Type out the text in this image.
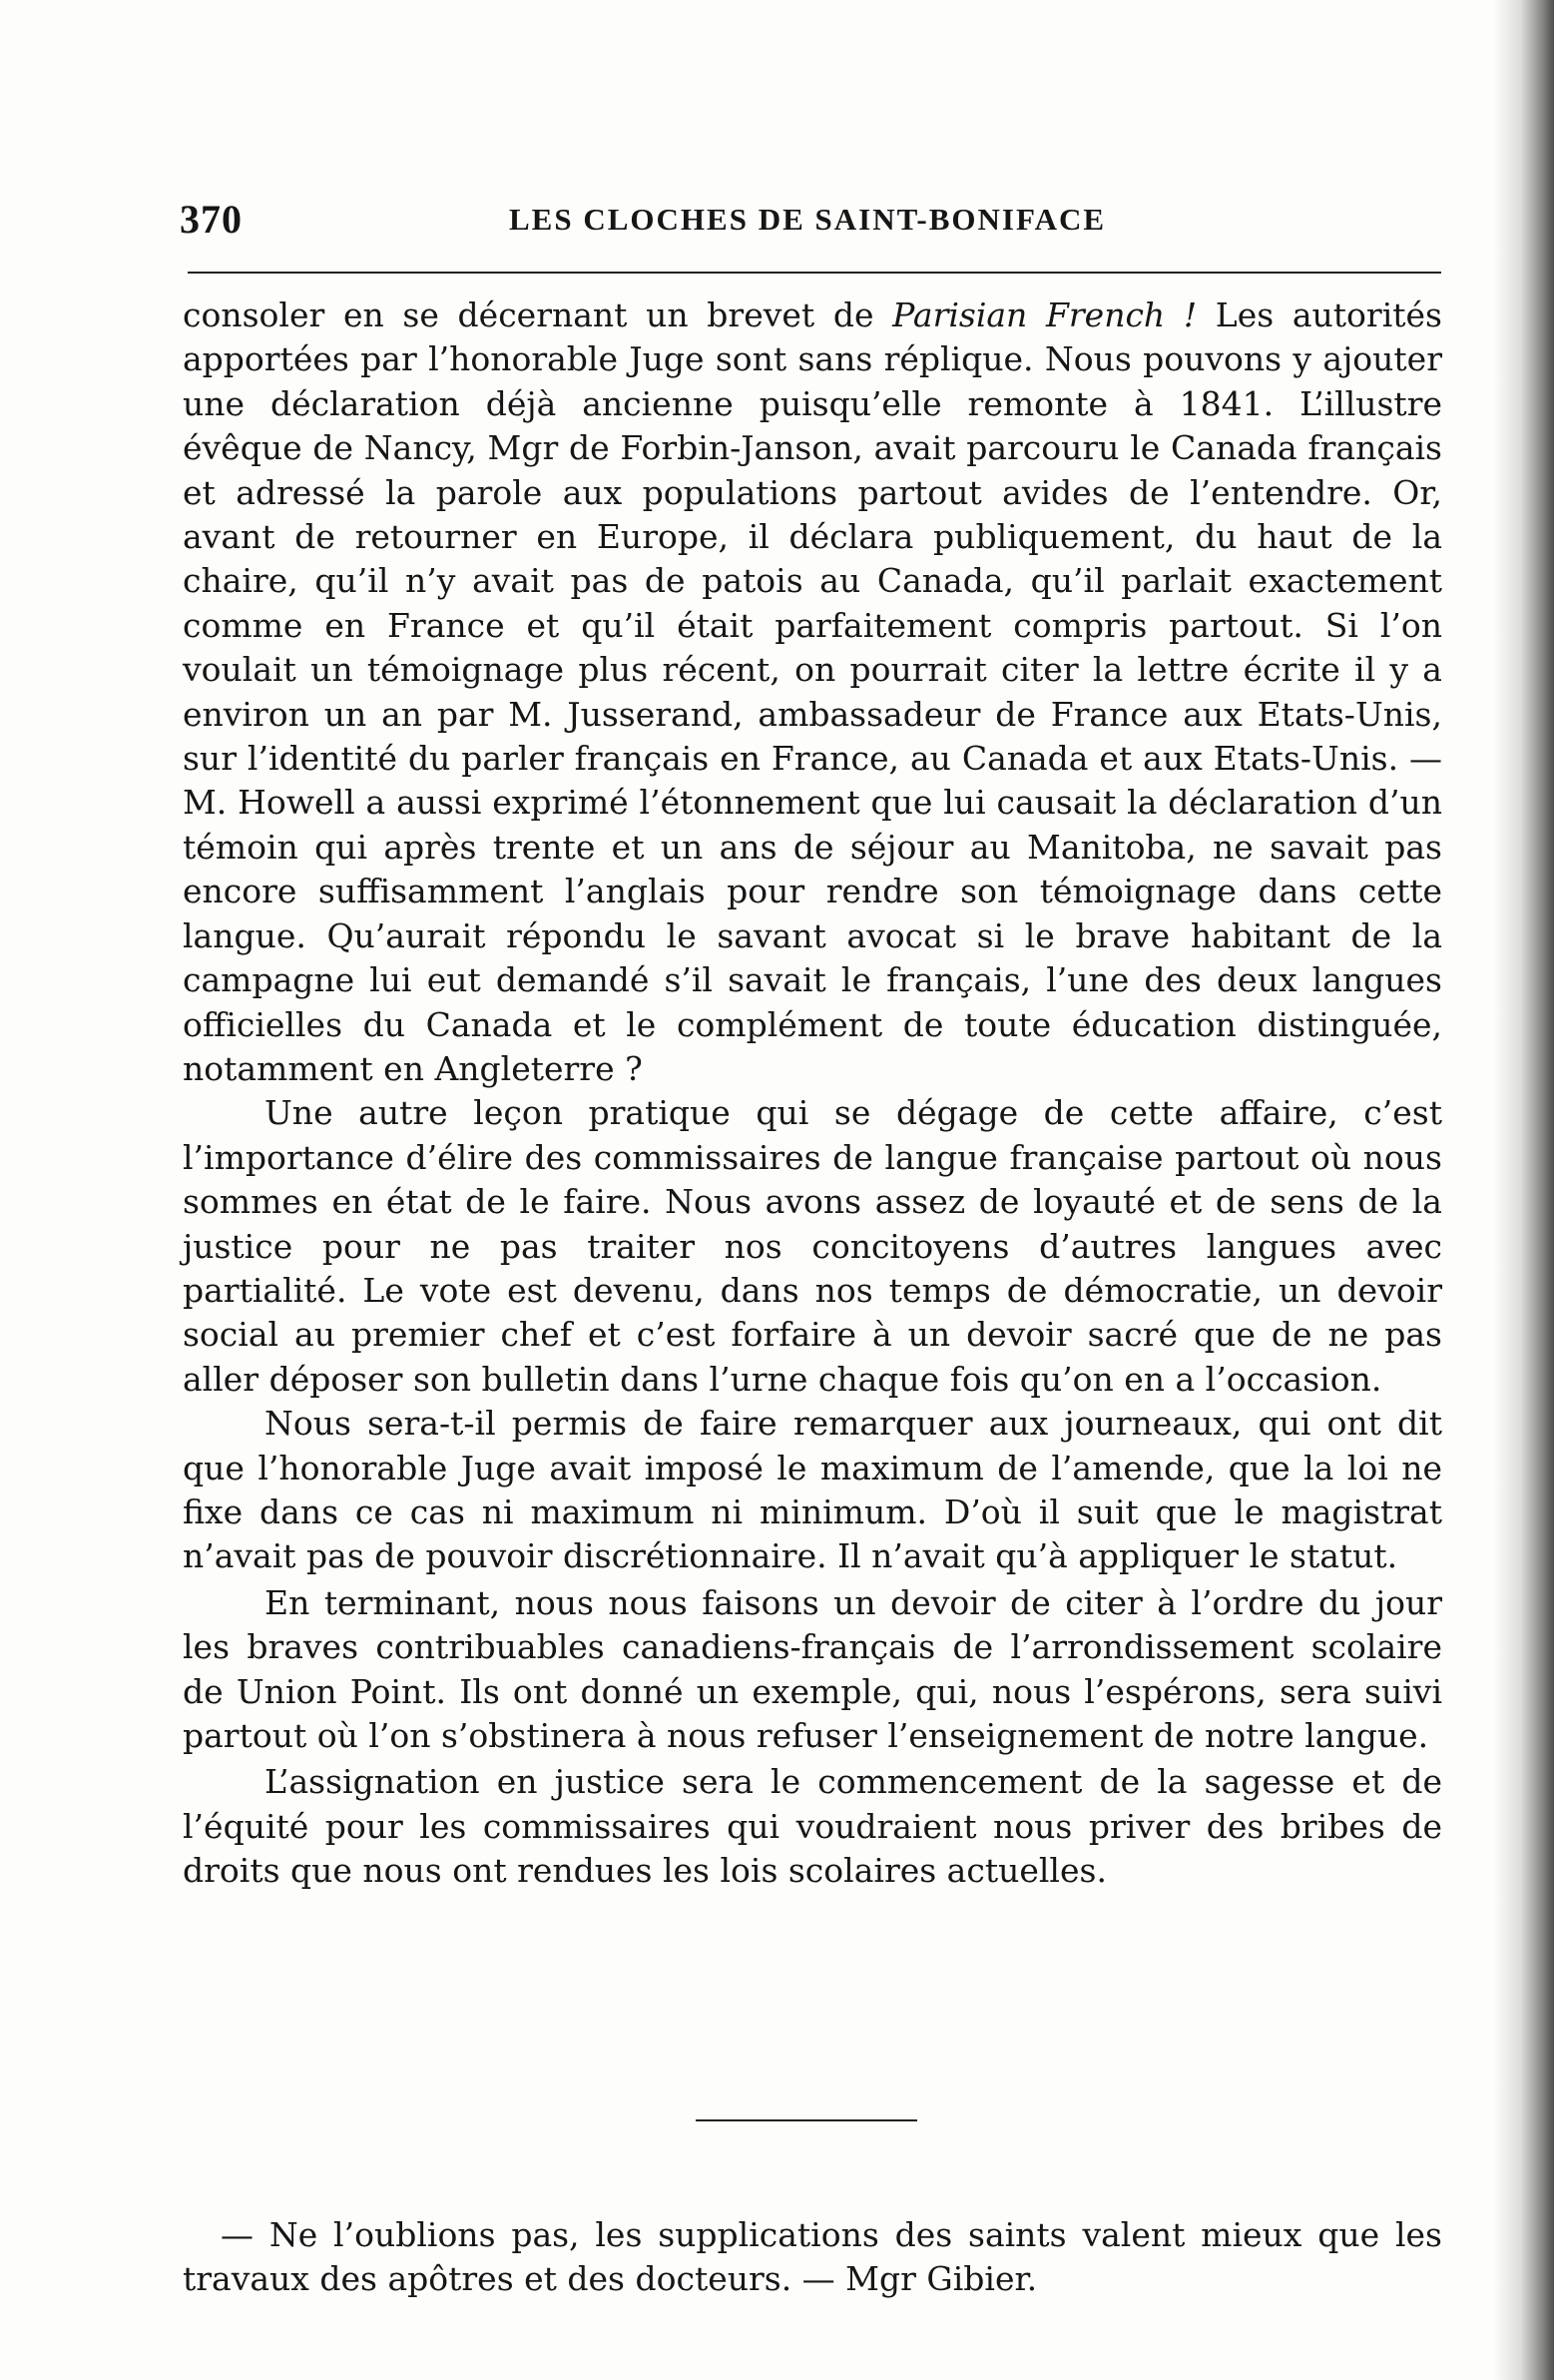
370	LES CLOCHES DE SAINT-BONIFACE

consoler en se décernant un brevet de Parisian French ! Les autorités apportées par l’honorable Juge sont sans réplique. Nous pouvons y ajouter une déclaration déjà ancienne puisqu’elle remonte à 1841. L’illustre évêque de Nancy, Mgr de Forbin-Janson, avait parcouru le Canada français et adressé la parole aux populations partout avides de l’entendre. Or, avant de retourner en Europe, il déclara publiquement, du haut de la chaire, qu’il n’y avait pas de patois au Canada, qu’il parlait exactement comme en France et qu’il était parfaitement compris partout. Si l’on voulait un témoignage plus récent, on pourrait citer la lettre écrite il y a environ un an par M. Jusserand, ambassadeur de France aux Etats-Unis, sur l’identité du parler français en France, au Canada et aux Etats-Unis. — M. Howell a aussi exprimé l’étonnement que lui causait la déclaration d’un témoin qui après trente et un ans de séjour au Manitoba, ne savait pas encore suffisamment l’anglais pour rendre son témoignage dans cette langue. Qu’aurait répondu le savant avocat si le brave habitant de la campagne lui eut demandé s’il savait le français, l’une des deux langues officielles du Canada et le complément de toute éducation distinguée, notamment en Angleterre ?

Une autre leçon pratique qui se dégage de cette affaire, c’est l’importance d’élire des commissaires de langue française partout où nous sommes en état de le faire. Nous avons assez de loyauté et de sens de la justice pour ne pas traiter nos concitoyens d’autres langues avec partialité. Le vote est devenu, dans nos temps de démocratie, un devoir social au premier chef et c’est forfaire à un devoir sacré que de ne pas aller déposer son bulletin dans l’urne chaque fois qu’on en a l’occasion.

Nous sera-t-il permis de faire remarquer aux journeaux, qui ont dit que l’honorable Juge avait imposé le maximum de l’amende, que la loi ne fixe dans ce cas ni maximum ni minimum. D’où il suit que le magistrat n’avait pas de pouvoir discrétionnaire. Il n’avait qu’à appliquer le statut.

En terminant, nous nous faisons un devoir de citer à l’ordre du jour les braves contribuables canadiens-français de l’arrondissement scolaire de Union Point. Ils ont donné un exemple, qui, nous l’espérons, sera suivi partout où l’on s’obstinera à nous refuser l’enseignement de notre langue.

L’assignation en justice sera le commencement de la sagesse et de l’équité pour les commissaires qui voudraient nous priver des bribes de droits que nous ont rendues les lois scolaires actuelles.

— Ne l’oublions pas, les supplications des saints valent mieux que les travaux des apôtres et des docteurs. — Mgr Gibier.
